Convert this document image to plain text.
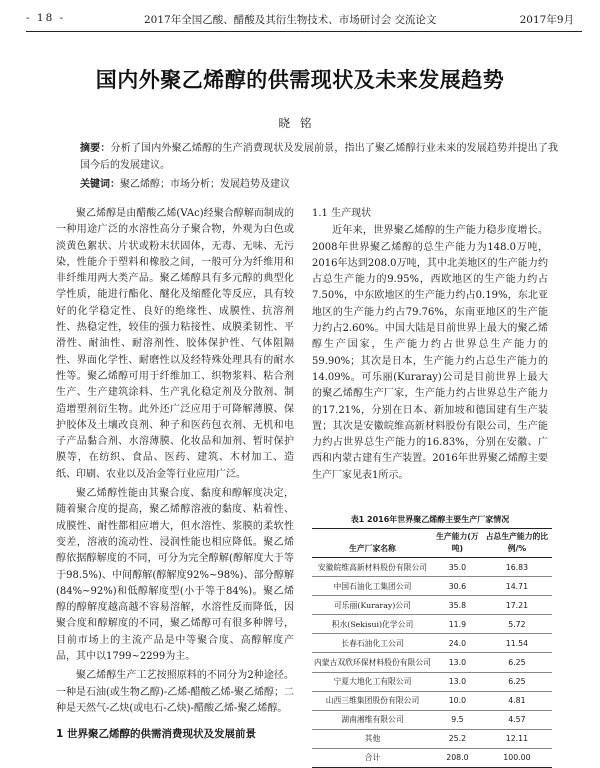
- 18 -	2017年全国乙酸、醋酸及其衍生物技术、市场研讨会 交流论文	2017年9月
国内外聚乙烯醇的供需现状及未来发展趋势
晓铭
摘要：分析了国内外聚乙烯醇的生产消费现状及发展前景，指出了聚乙烯醇行业未来的发展趋势并提出了我国今后的发展建议。
关键词：聚乙烯醇；市场分析；发展趋势及建议

聚乙烯醇是由醋酸乙烯(VAc)经聚合醇解而制成的一种用途广泛的水溶性高分子聚合物，外观为白色或淡黄色絮状、片状或粉末状固体，无毒、无味、无污染，性能介于塑料和橡胶之间，一般可分为纤维用和非纤维用两大类产品。聚乙烯醇具有多元醇的典型化学性质，能进行酯化、醚化及缩醛化等反应，具有较好的化学稳定性、良好的绝缘性、成膜性、抗溶剂性、热稳定性，较佳的强力粘接性、成膜柔韧性、平滑性、耐油性、耐溶剂性、胶体保护性、气体阻隔性、界面化学性、耐磨性以及经特殊处理具有的耐水性等。聚乙烯醇可用于纤维加工、织物浆料、粘合剂生产、生产建筑涂料、生产乳化稳定剂及分散剂、制造增塑剂衍生物。此外还广泛应用于可降解薄膜、保护胶体及土壤改良剂、种子和医药包衣剂、无机和电子产品黏合剂、水溶薄膜、化妆品和加剂、暂时保护膜等，在纺织、食品、医药、建筑、木材加工、造纸、印刷、农业以及冶金等行业应用广泛。

聚乙烯醇性能由其聚合度、黏度和醇解度决定，随着聚合度的提高，聚乙烯醇溶液的黏度、粘着性、成膜性、耐性都相应增大，但水溶性、浆膜的柔软性变差，溶液的流动性、浸润性能也相应降低。聚乙烯醇依据醇解度的不同，可分为完全醇解(醇解度大于等于98.5%)、中间醇解(醇解度92%~98%)、部分醇解(84%~92%)和低醇解度型(小于等于84%)。聚乙烯醇的醇解度越高越不容易溶解，水溶性反而降低，因聚合度和醇解度的不同，聚乙烯醇可有很多种牌号，目前市场上的主流产品是中等聚合度、高醇解度产品，其中以1799~2299为主。

聚乙烯醇生产工艺按照原料的不同分为2种途径。一种是石油(或生物乙醇)-乙烯-醋酸乙烯-聚乙烯醇；二种是天然气-乙炔(或电石-乙炔)-醋酸乙烯-聚乙烯醇。

1 世界聚乙烯醇的供需消费现状及发展前景
1.1 生产现状

近年来，世界聚乙烯醇的生产能力稳步度增长。2008年世界聚乙烯醇的总生产能力为148.0万吨，2016年达到208.0万吨，其中北美地区的生产能力约占总生产能力的9.95%，西欧地区的生产能力约占7.50%，中东欧地区的生产能力约占0.19%，东北亚地区的生产能力约占79.76%，东南亚地区的生产能力约占2.60%。中国大陆是目前世界上最大的聚乙烯醇生产国家，生产能力约占世界总生产能力的59.90%；其次是日本，生产能力约占总生产能力的14.09%。可乐丽(Kuraray)公司是目前世界上最大的聚乙烯醇生产厂家，生产能力约占世界总生产能力的17.21%，分别在日本、新加坡和德国建有生产装置；其次是安徽皖维高新材料股份有限公司，生产能力约占世界总生产能力的16.83%，分别在安徽、广西和内蒙古建有生产装置。2016年世界聚乙烯醇主要生产厂家见表1所示。

表1 2016年世界聚乙烯醇主要生产厂家情况
生产厂家名称	生产能力(万吨)	占总生产能力的比例/%
安徽皖维高新材料股份有限公司	35.0	16.83
中国石油化工集团公司	30.6	14.71
可乐丽(Kuraray)公司	35.8	17.21
积水(Sekisui)化学公司	11.9	5.72
长春石油化工公司	24.0	11.54
内蒙古双欣环保材料股份有限公司	13.0	6.25
宁夏大地化工有限公司	13.0	6.25
山西三维集团股份有限公司	10.0	4.81
湖南湘维有限公司	9.5	4.57
其他	25.2	12.11
合计	208.0	100.00
